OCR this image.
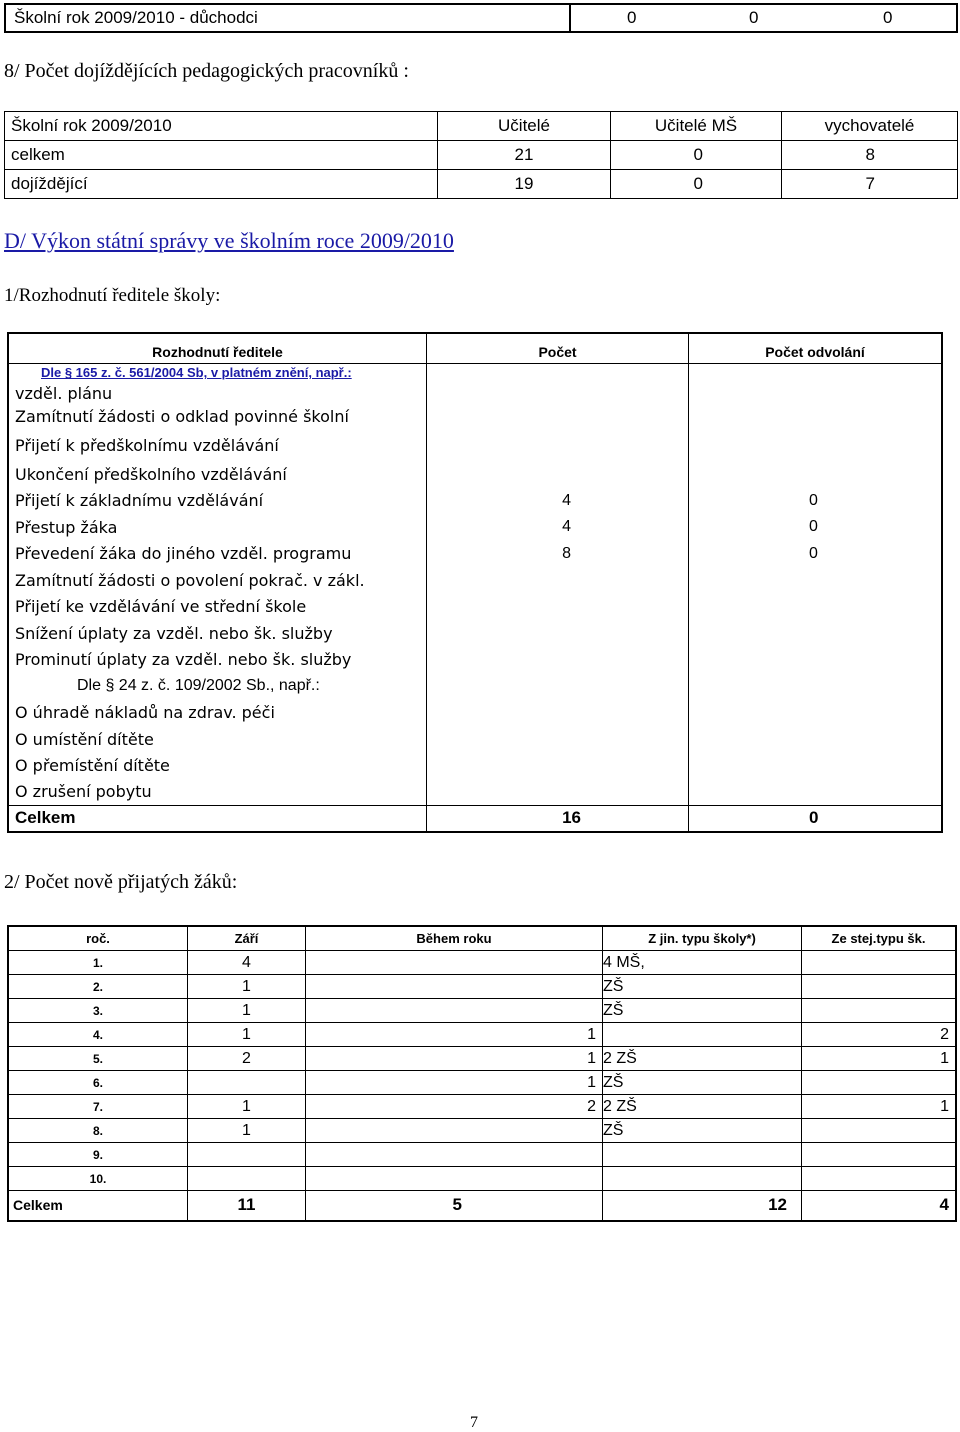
Školní rok 2009/2010 - důchodci	0	0	0
8/ Počet dojíždějících pedagogických pracovníků :
Školní rok 2009/2010	Učitelé	Učitelé MŠ	vychovatelé
celkem	21	0	8
dojíždějící	19	0	7
D/ Výkon státní správy ve školním roce 2009/2010
1/Rozhodnutí ředitele školy:
Rozhodnutí ředitele	Počet	Počet odvolání
Dle § 165 z. č. 561/2004 Sb, v platném znění, např.:		
vzděl. plánu		
Zamítnutí žádosti o odklad povinné školní		
Přijetí k předškolnímu vzdělávání		
Ukončení předškolního vzdělávání		
Přijetí k základnímu vzdělávání	4	0
Přestup žáka	4	0
Převedení žáka do jiného vzděl. programu	8	0
Zamítnutí žádosti o povolení pokrač. v zákl.		
Přijetí ke vzdělávání ve střední škole		
Snížení úplaty za vzděl. nebo šk. služby		
Prominutí úplaty za vzděl. nebo šk. služby		
Dle § 24 z. č. 109/2002 Sb., např.:		
O úhradě nákladů na zdrav. péči		
O umístění dítěte		
O přemístění dítěte		
O zrušení pobytu		
Celkem	16	0
2/ Počet nově přijatých žáků:
roč.	Září	Během roku	Z jin. typu školy*)	Ze stej.typu šk.
1.	4		4 MŠ,	
2.	1		ZŠ	
3.	1		ZŠ	
4.	1	1		2
5.	2	1	2 ZŠ	1
6.		1	ZŠ	
7.	1	2	2 ZŠ	1
8.	1		ZŠ	
9.				
10.				
Celkem	11	5	12	4
7
